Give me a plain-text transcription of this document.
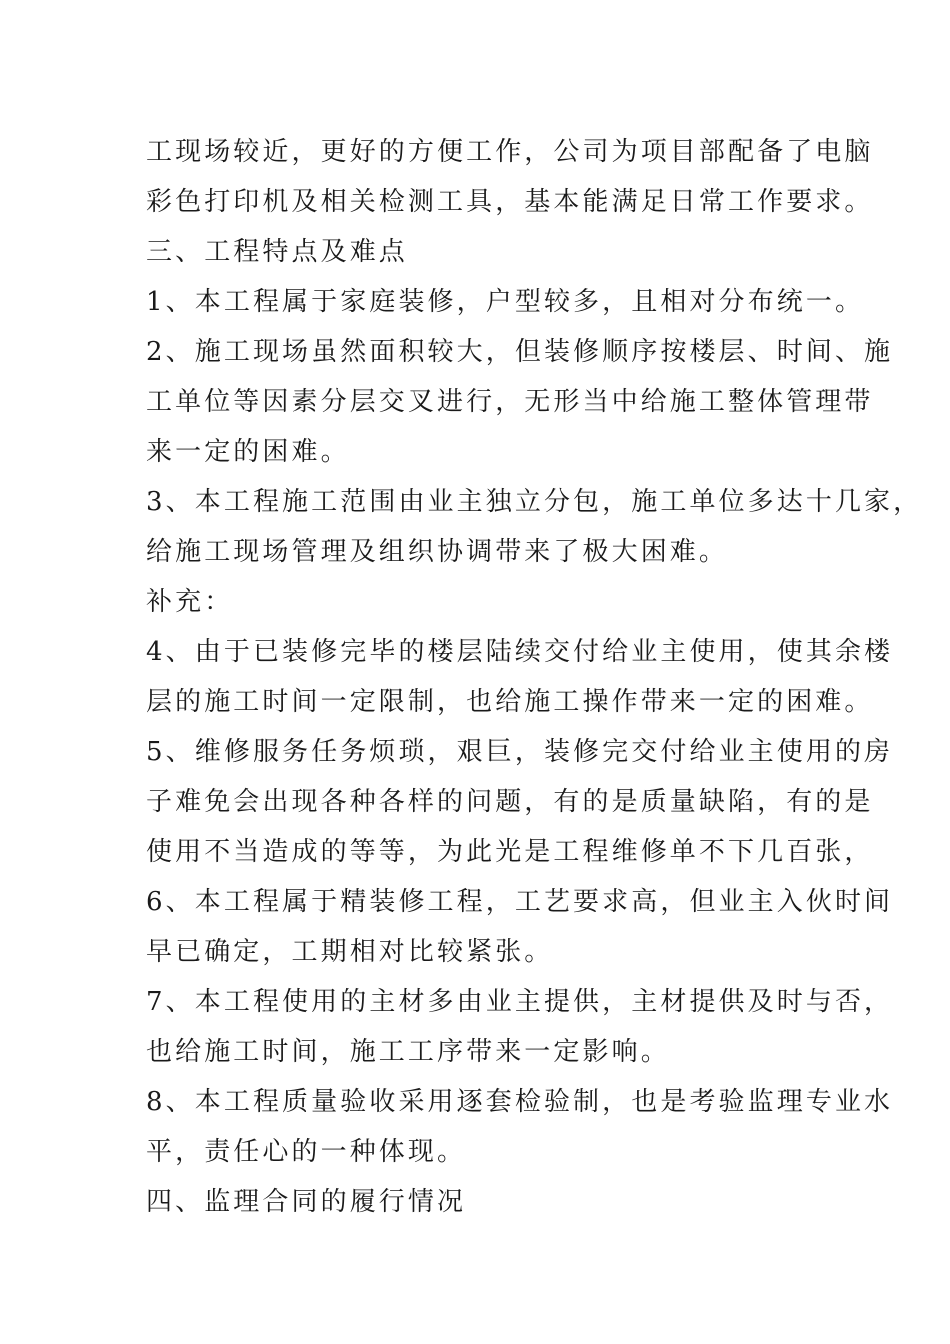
工现场较近，更好的方便工作，公司为项目部配备了电脑
彩色打印机及相关检测工具，基本能满足日常工作要求。
三、工程特点及难点
1、本工程属于家庭装修，户型较多，且相对分布统一。
2、施工现场虽然面积较大，但装修顺序按楼层、时间、施
工单位等因素分层交叉进行，无形当中给施工整体管理带
来一定的困难。
3、本工程施工范围由业主独立分包，施工单位多达十几家，
给施工现场管理及组织协调带来了极大困难。
补充：
4、由于已装修完毕的楼层陆续交付给业主使用，使其余楼
层的施工时间一定限制，也给施工操作带来一定的困难。
5、维修服务任务烦琐，艰巨，装修完交付给业主使用的房
子难免会出现各种各样的问题，有的是质量缺陷，有的是
使用不当造成的等等，为此光是工程维修单不下几百张，
6、本工程属于精装修工程，工艺要求高，但业主入伙时间
早已确定，工期相对比较紧张。
7、本工程使用的主材多由业主提供，主材提供及时与否，
也给施工时间，施工工序带来一定影响。
8、本工程质量验收采用逐套检验制，也是考验监理专业水
平，责任心的一种体现。
四、监理合同的履行情况
